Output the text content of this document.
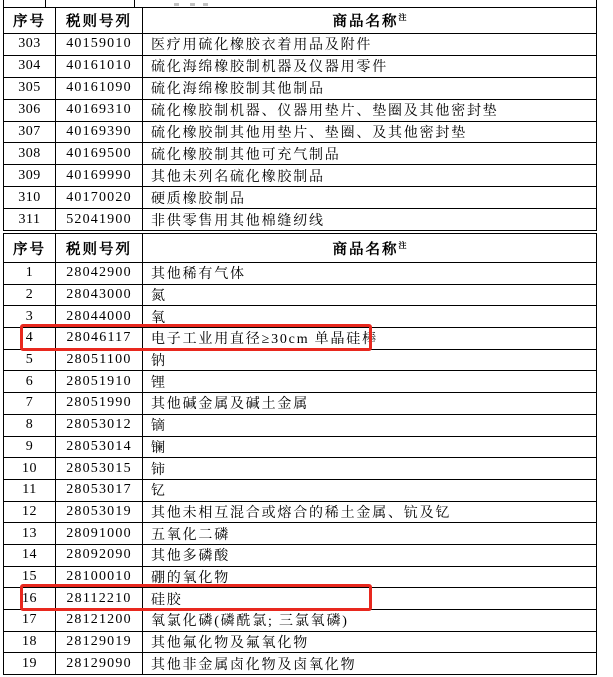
序号	税则号列	商品名称$^注$
303	40159010	医疗用硫化橡胶衣着用品及附件
304	40161010	硫化海绵橡胶制机器及仪器用零件
305	40161090	硫化海绵橡胶制其他制品
306	40169310	硫化橡胶制机器、仪器用垫片、垫圈及其他密封垫
307	40169390	硫化橡胶制其他用垫片、垫圈、及其他密封垫
308	40169500	硫化橡胶制其他可充气制品
309	40169990	其他未列名硫化橡胶制品
310	40170020	硬质橡胶制品
311	52041900	非供零售用其他棉缝纫线
序号	税则号列	商品名称$^注$
1	28042900	其他稀有气体
2	28043000	氮
3	28044000	氧
4	28046117	电子工业用直径≥30cm 单晶硅棒
5	28051100	钠
6	28051910	锂
7	28051990	其他碱金属及碱土金属
8	28053012	镝
9	28053014	镧
10	28053015	铈
11	28053017	钇
12	28053019	其他未相互混合或熔合的稀土金属、钪及钇
13	28091000	五氧化二磷
14	28092090	其他多磷酸
15	28100010	硼的氧化物
16	28112210	硅胶
17	28121200	氧氯化磷(磷酰氯; 三氯氧磷)
18	28129019	其他氟化物及氟氧化物
19	28129090	其他非金属卤化物及卤氧化物
